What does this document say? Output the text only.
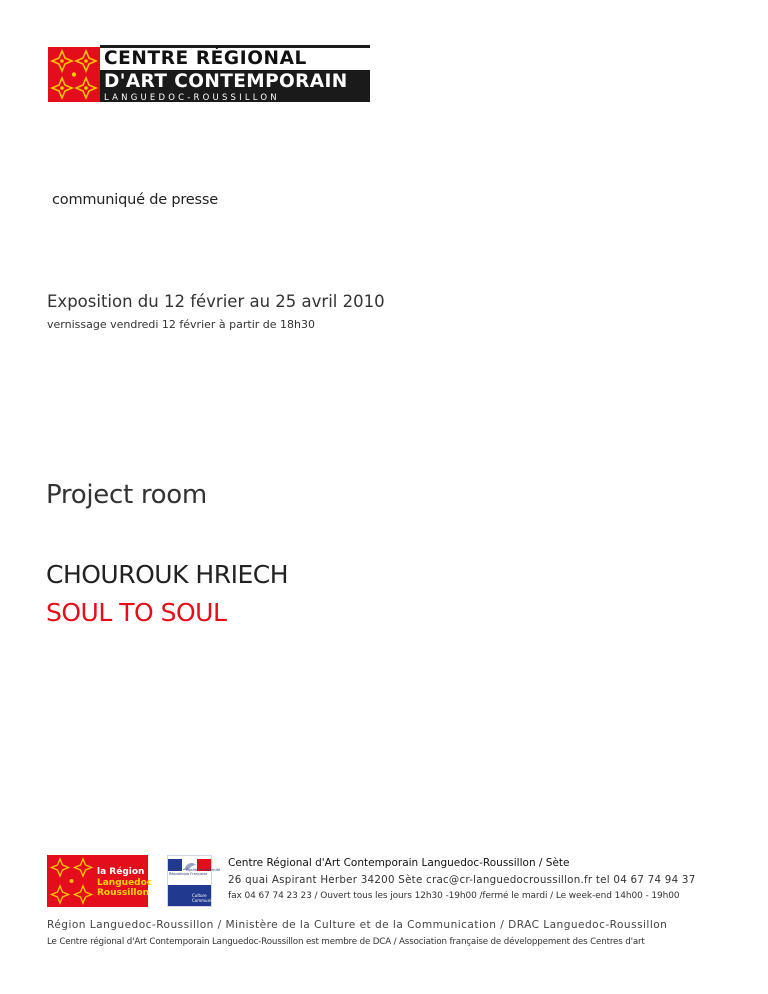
CENTRE RÉGIONAL
D'ART CONTEMPORAIN
LANGUEDOC-ROUSSILLON
communiqué de presse
Exposition du 12 février au 25 avril 2010
vernissage vendredi 12 février à partir de 18h30
Project room
CHOUROUK HRIECH
SOUL TO SOUL
la Région
Languedoc
Roussillon
Liberté • Égalité • Fraternité
République Française
Culture
Communication
Centre Régional d'Art Contemporain Languedoc-Roussillon / Sète
26 quai Aspirant Herber 34200 Sète crac@cr-languedocroussillon.fr tel 04 67 74 94 37
fax 04 67 74 23 23 / Ouvert tous les jours 12h30 -19h00 /fermé le mardi / Le week-end 14h00 - 19h00
Région Languedoc-Roussillon / Ministère de la Culture et de la Communication / DRAC Languedoc-Roussillon
Le Centre régional d'Art Contemporain Languedoc-Roussillon est membre de DCA / Association française de développement des Centres d'art
